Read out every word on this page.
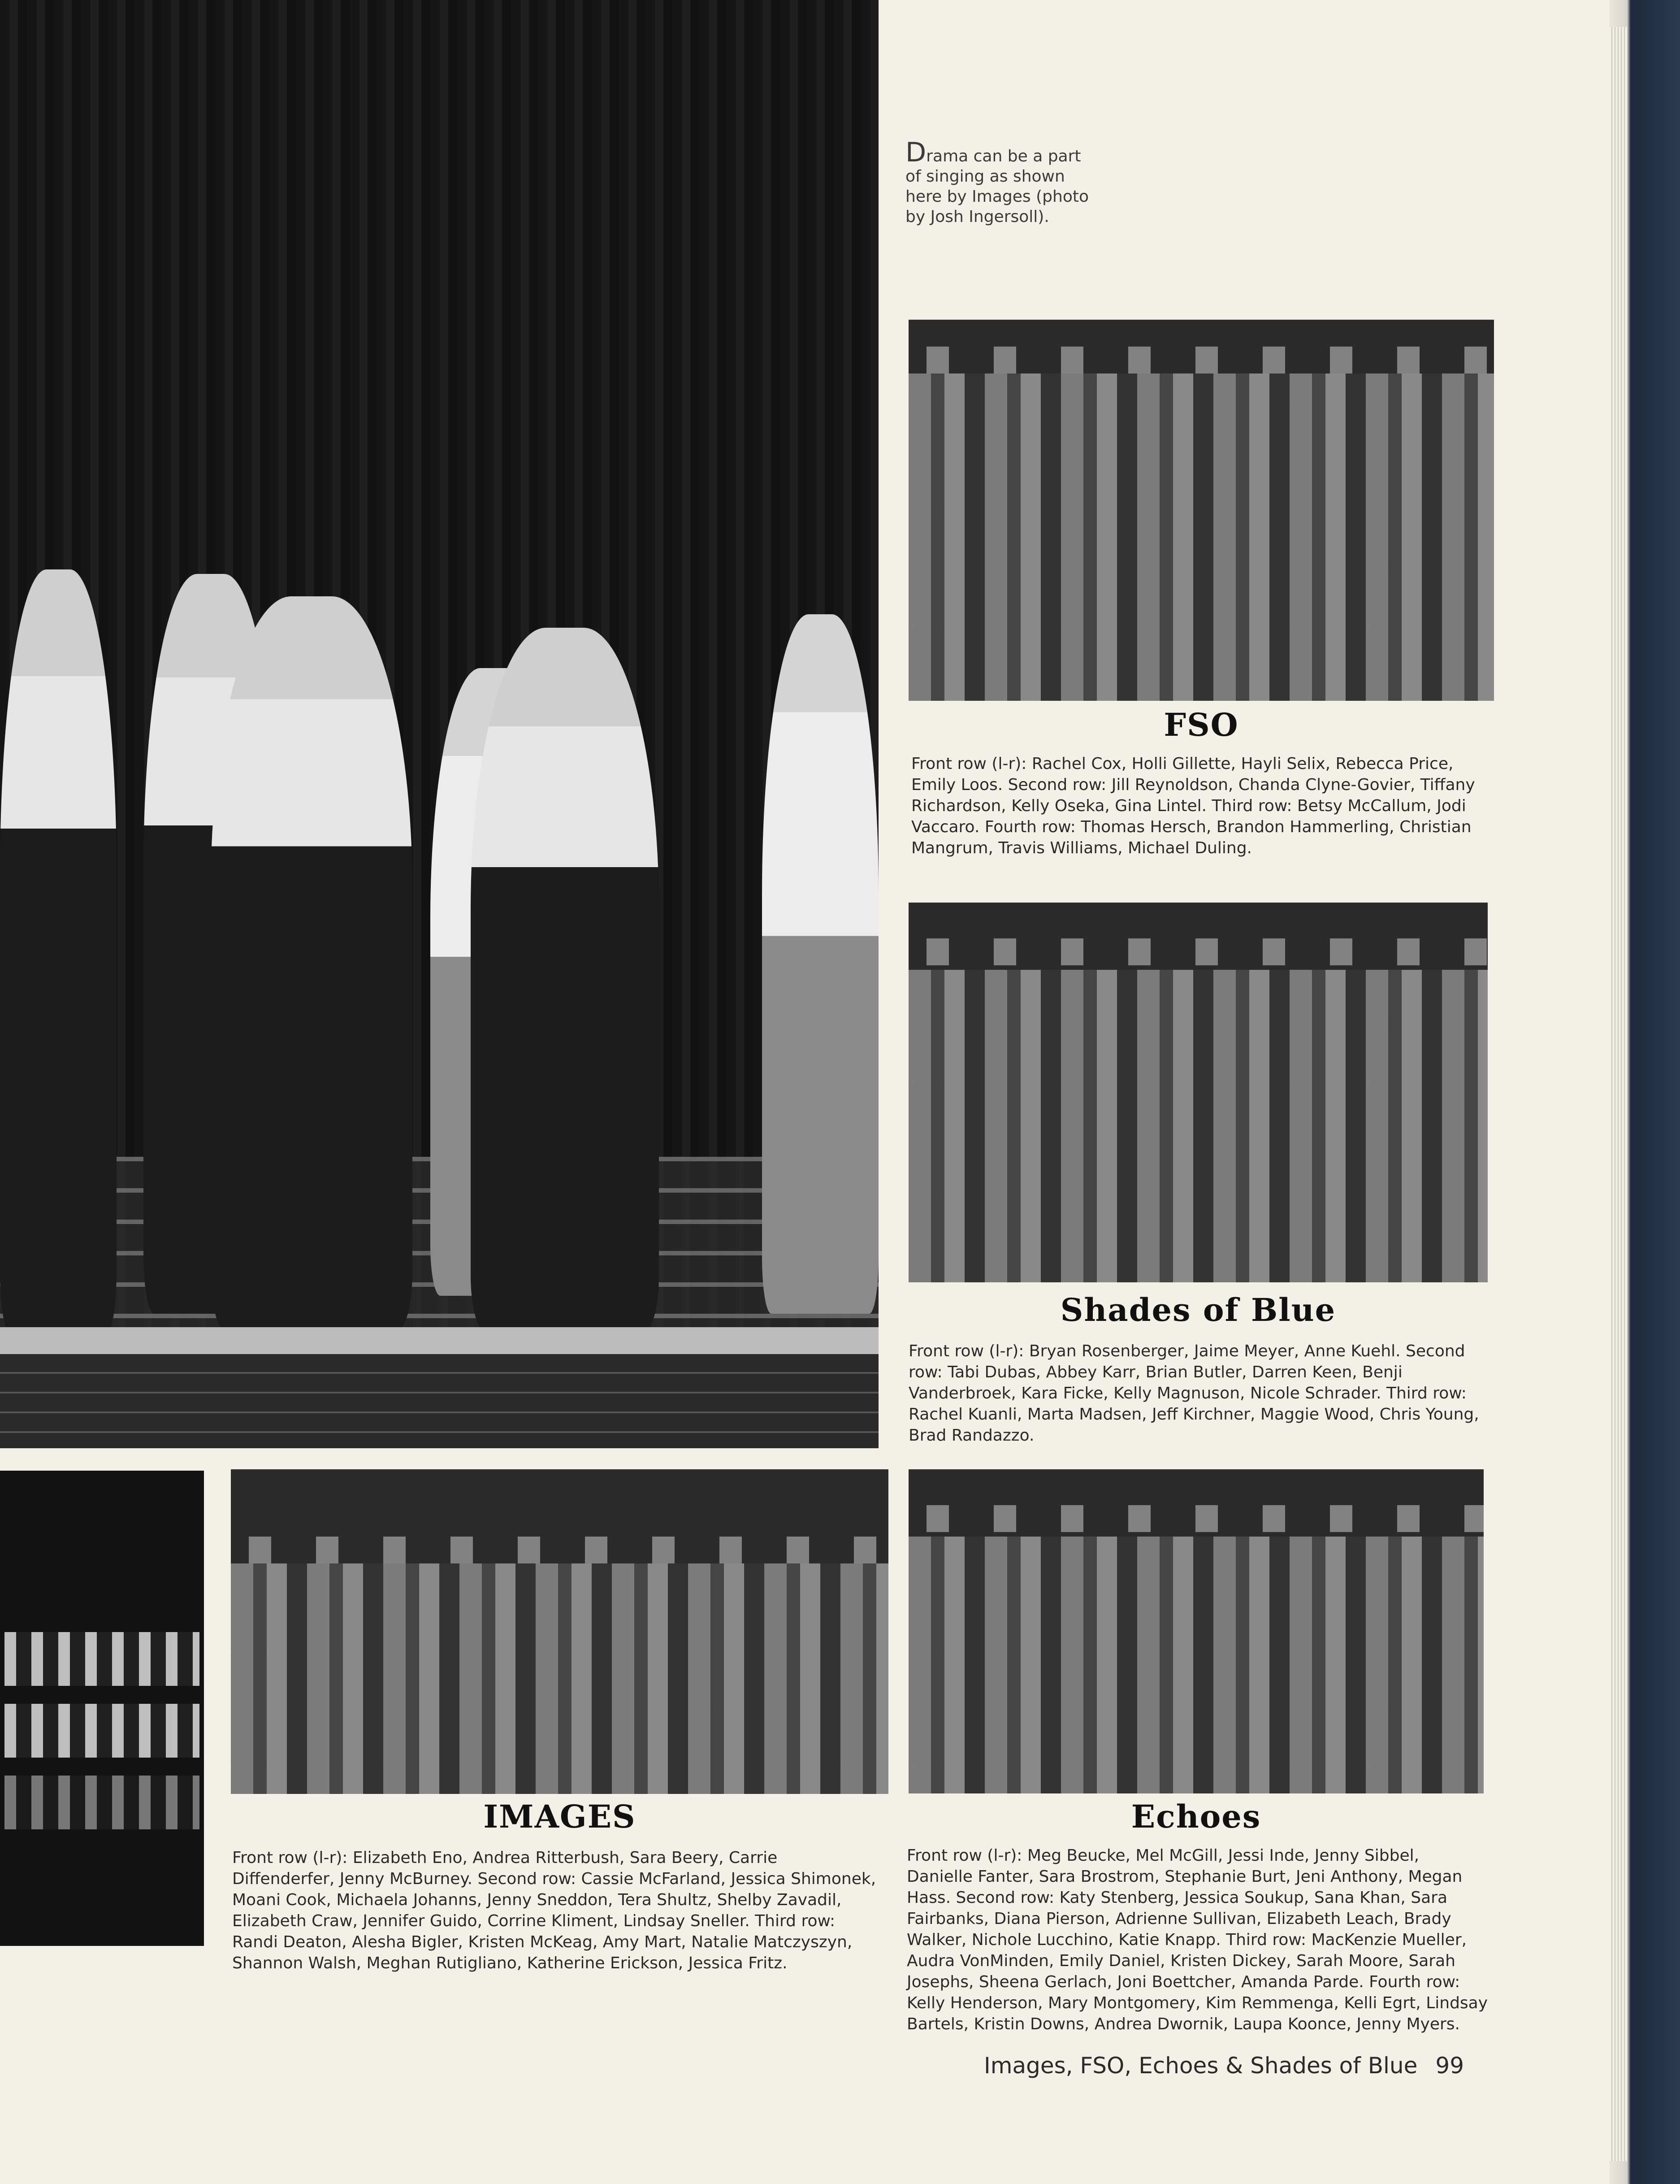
Drama can be a part of singing as shown here by Images (photo by Josh Ingersoll).
FSO
Front row (l-r): Rachel Cox, Holli Gillette, Hayli Selix, Rebecca Price, Emily Loos. Second row: Jill Reynoldson, Chanda Clyne-Govier, Tiffany Richardson, Kelly Oseka, Gina Lintel. Third row: Betsy McCallum, Jodi Vaccaro. Fourth row: Thomas Hersch, Brandon Hammerling, Christian Mangrum, Travis Williams, Michael Duling.
Shades of Blue
Front row (l-r): Bryan Rosenberger, Jaime Meyer, Anne Kuehl. Second row: Tabi Dubas, Abbey Karr, Brian Butler, Darren Keen, Benji Vanderbroek, Kara Ficke, Kelly Magnuson, Nicole Schrader. Third row: Rachel Kuanli, Marta Madsen, Jeff Kirchner, Maggie Wood, Chris Young, Brad Randazzo.
IMAGES
Front row (l-r): Elizabeth Eno, Andrea Ritterbush, Sara Beery, Carrie Diffenderfer, Jenny McBurney. Second row: Cassie McFarland, Jessica Shimonek, Moani Cook, Michaela Johanns, Jenny Sneddon, Tera Shultz, Shelby Zavadil, Elizabeth Craw, Jennifer Guido, Corrine Kliment, Lindsay Sneller. Third row: Randi Deaton, Alesha Bigler, Kristen McKeag, Amy Mart, Natalie Matczyszyn, Shannon Walsh, Meghan Rutigliano, Katherine Erickson, Jessica Fritz.
Echoes
Front row (l-r): Meg Beucke, Mel McGill, Jessi Inde, Jenny Sibbel, Danielle Fanter, Sara Brostrom, Stephanie Burt, Jeni Anthony, Megan Hass. Second row: Katy Stenberg, Jessica Soukup, Sana Khan, Sara Fairbanks, Diana Pierson, Adrienne Sullivan, Elizabeth Leach, Brady Walker, Nichole Lucchino, Katie Knapp. Third row: MacKenzie Mueller, Audra VonMinden, Emily Daniel, Kristen Dickey, Sarah Moore, Sarah Josephs, Sheena Gerlach, Joni Boettcher, Amanda Parde. Fourth row: Kelly Henderson, Mary Montgomery, Kim Remmenga, Kelli Egrt, Lindsay Bartels, Kristin Downs, Andrea Dwornik, Laupa Koonce, Jenny Myers.
Images, FSO, Echoes & Shades of Blue 99
